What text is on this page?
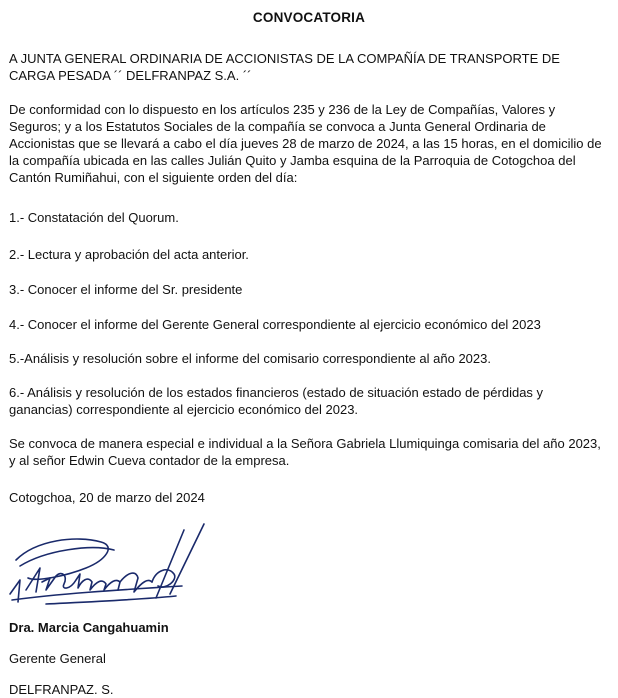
CONVOCATORIA

A JUNTA GENERAL ORDINARIA DE ACCIONISTAS DE LA COMPAÑÍA DE TRANSPORTE DE CARGA PESADA ´´ DELFRANPAZ S.A. ´´

De conformidad con lo dispuesto en los artículos 235 y 236 de la Ley de Compañías, Valores y Seguros; y a los Estatutos Sociales de la compañía se convoca a Junta General Ordinaria de Accionistas que se llevará a cabo el día jueves 28 de marzo de 2024, a las 15 horas, en el domicilio de la compañía ubicada en las calles Julián Quito y Jamba esquina de la Parroquia de Cotogchoa del Cantón Rumiñahui, con el siguiente orden del día:

1.- Constatación del Quorum.

2.- Lectura y aprobación del acta anterior.

3.- Conocer el informe del Sr. presidente

4.- Conocer el informe del Gerente General correspondiente al ejercicio económico del 2023

5.-Análisis y resolución sobre el informe del comisario correspondiente al año 2023.

6.- Análisis y resolución de los estados financieros (estado de situación estado de pérdidas y ganancias) correspondiente al ejercicio económico del 2023.

Se convoca de manera especial e individual a la Señora Gabriela Llumiquinga comisaria del año 2023, y al señor Edwin Cueva contador de la empresa.

Cotogchoa, 20 de marzo del 2024

Dra. Marcia Cangahuamin
Gerente General
DELFRANPAZ. S.
